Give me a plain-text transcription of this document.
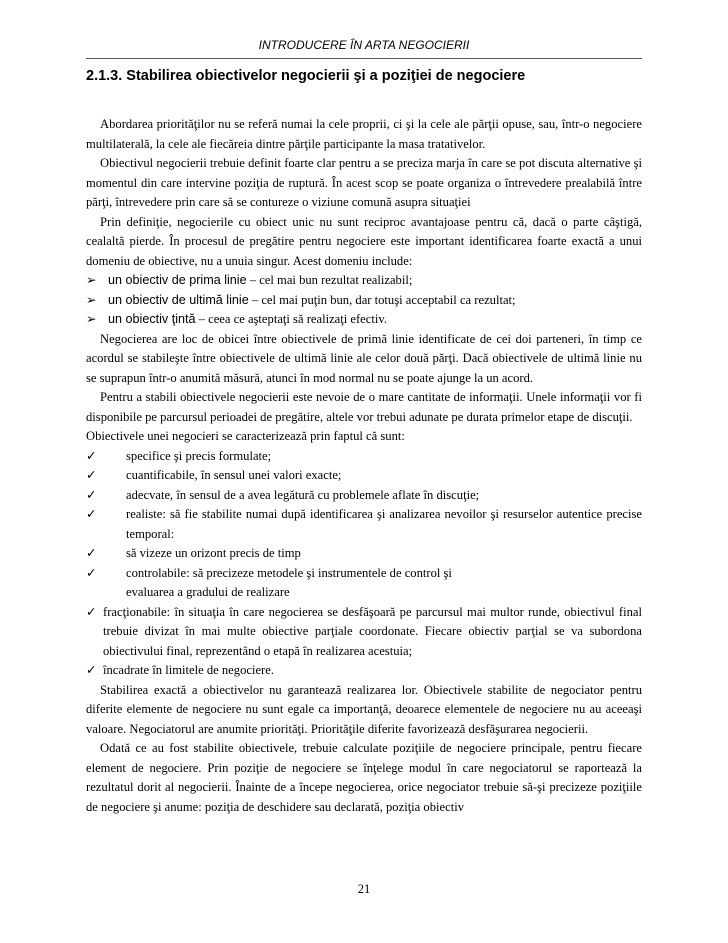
INTRODUCERE ÎN ARTA NEGOCIERII
2.1.3. Stabilirea obiectivelor negocierii şi a poziţiei de negociere

Abordarea priorităţilor nu se referă numai la cele proprii, ci şi la cele ale părţii opuse, sau, într-o negociere multilaterală, la cele ale fiecăreia dintre părţile participante la masa tratativelor.

Obiectivul negocierii trebuie definit foarte clar pentru a se preciza marja în care se pot discuta alternative şi momentul din care intervine poziţia de ruptură. În acest scop se poate organiza o întrevedere prealabilă între părţi, întrevedere prin care să se contureze o viziune comună asupra situaţiei

Prin definiţie, negocierile cu obiect unic nu sunt reciproc avantajoase pentru că, dacă o parte câştigă, cealaltă pierde. În procesul de pregătire pentru negociere este important identificarea foarte exactă a unui domeniu de obiective, nu a unuia singur. Acest domeniu include:

➢ un obiectiv de prima linie – cel mai bun rezultat realizabil;
➢ un obiectiv de ultimă linie – cel mai puţin bun, dar totuşi acceptabil ca rezultat;
➢ un obiectiv ţintă – ceea ce aşteptaţi să realizaţi efectiv.

Negocierea are loc de obicei între obiectivele de primă linie identificate de cei doi parteneri, în timp ce acordul se stabileşte între obiectivele de ultimă linie ale celor două părţi. Dacă obiectivele de ultimă linie nu se suprapun într-o anumită măsură, atunci în mod normal nu se poate ajunge la un acord.

Pentru a stabili obiectivele negocierii este nevoie de o mare cantitate de informaţii. Unele informaţii vor fi disponibile pe parcursul perioadei de pregătire, altele vor trebui adunate pe durata primelor etape de discuţii.

Obiectivele unei negocieri se caracterizează prin faptul că sunt:

✓ specifice şi precis formulate;
✓ cuantificabile, în sensul unei valori exacte;
✓ adecvate, în sensul de a avea legătură cu problemele aflate în discuţie;
✓ realiste: să fie stabilite numai după identificarea şi analizarea nevoilor şi resurselor autentice precise temporal:
✓ să vizeze un orizont precis de timp
✓ controlabile: să precizeze metodele şi instrumentele de control şi
evaluarea a gradului de realizare
✓ fracţionabile: în situaţia în care negocierea se desfăşoară pe parcursul mai multor runde, obiectivul final trebuie divizat în mai multe obiective parţiale coordonate. Fiecare obiectiv parţial se va subordona obiectivului final, reprezentând o etapă în realizarea acestuia;
✓ încadrate în limitele de negociere.

Stabilirea exactă a obiectivelor nu garantează realizarea lor. Obiectivele stabilite de negociator pentru diferite elemente de negociere nu sunt egale ca importanţă, deoarece elementele de negociere nu au aceeaşi valoare. Negociatorul are anumite priorităţi. Priorităţile diferite favorizează desfăşurarea negocierii.

Odată ce au fost stabilite obiectivele, trebuie calculate poziţiile de negociere principale, pentru fiecare element de negociere. Prin poziţie de negociere se înţelege modul în care negociatorul se raportează la rezultatul dorit al negocierii. Înainte de a începe negocierea, orice negociator trebuie să-şi precizeze poziţiile de negociere şi anume: poziţia de deschidere sau declarată, poziţia obiectiv

21
